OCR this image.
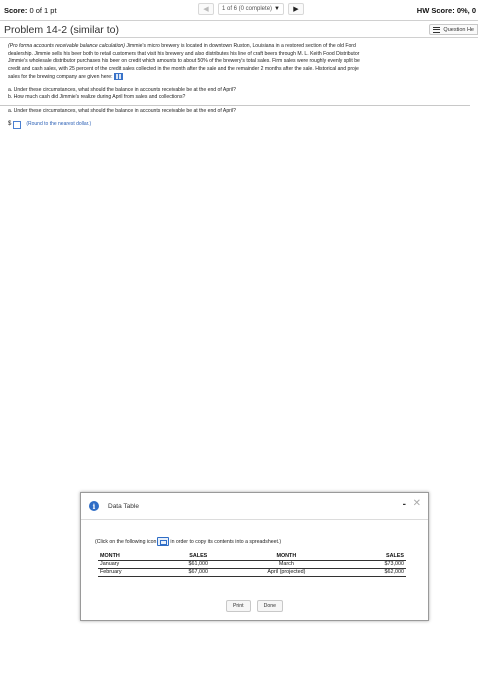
Score: 0 of 1 pt	◀ 1 of 6 (0 complete) ▼ ▶	HW Score: 0%, 0
Problem 14-2 (similar to)	Question He
(Pro forma accounts receivable balance calculation) Jimmie's micro brewery is located in downtown Ruston, Louisiana in a restored section of the old Ford
dealership. Jimmie sells his beer both to retail customers that visit his brewery and also distributes his line of craft beers through M. L. Keith Food Distributor
Jimmie's wholesale distributor purchases his beer on credit which amounts to about 50% of the brewery's total sales. Firm sales were roughly evenly split be
credit and cash sales, with 25 percent of the credit sales collected in the month after the sale and the remainder 2 months after the sale. Historical and proje
sales for the brewing company are given here:
a. Under these circumstances, what should the balance in accounts receivable be at the end of April?
b. How much cash did Jimmie's realize during April from sales and collections?
a. Under these circumstances, what should the balance in accounts receivable be at the end of April?
$	(Round to the nearest dollar.)
i	Data Table	- ✕
(Click on the following icon	in order to copy its contents into a spreadsheet.)
MONTH	SALES	MONTH	SALES
January	$61,000	March	$73,000
February	$67,000	April (projected)	$62,000
Print	Done
